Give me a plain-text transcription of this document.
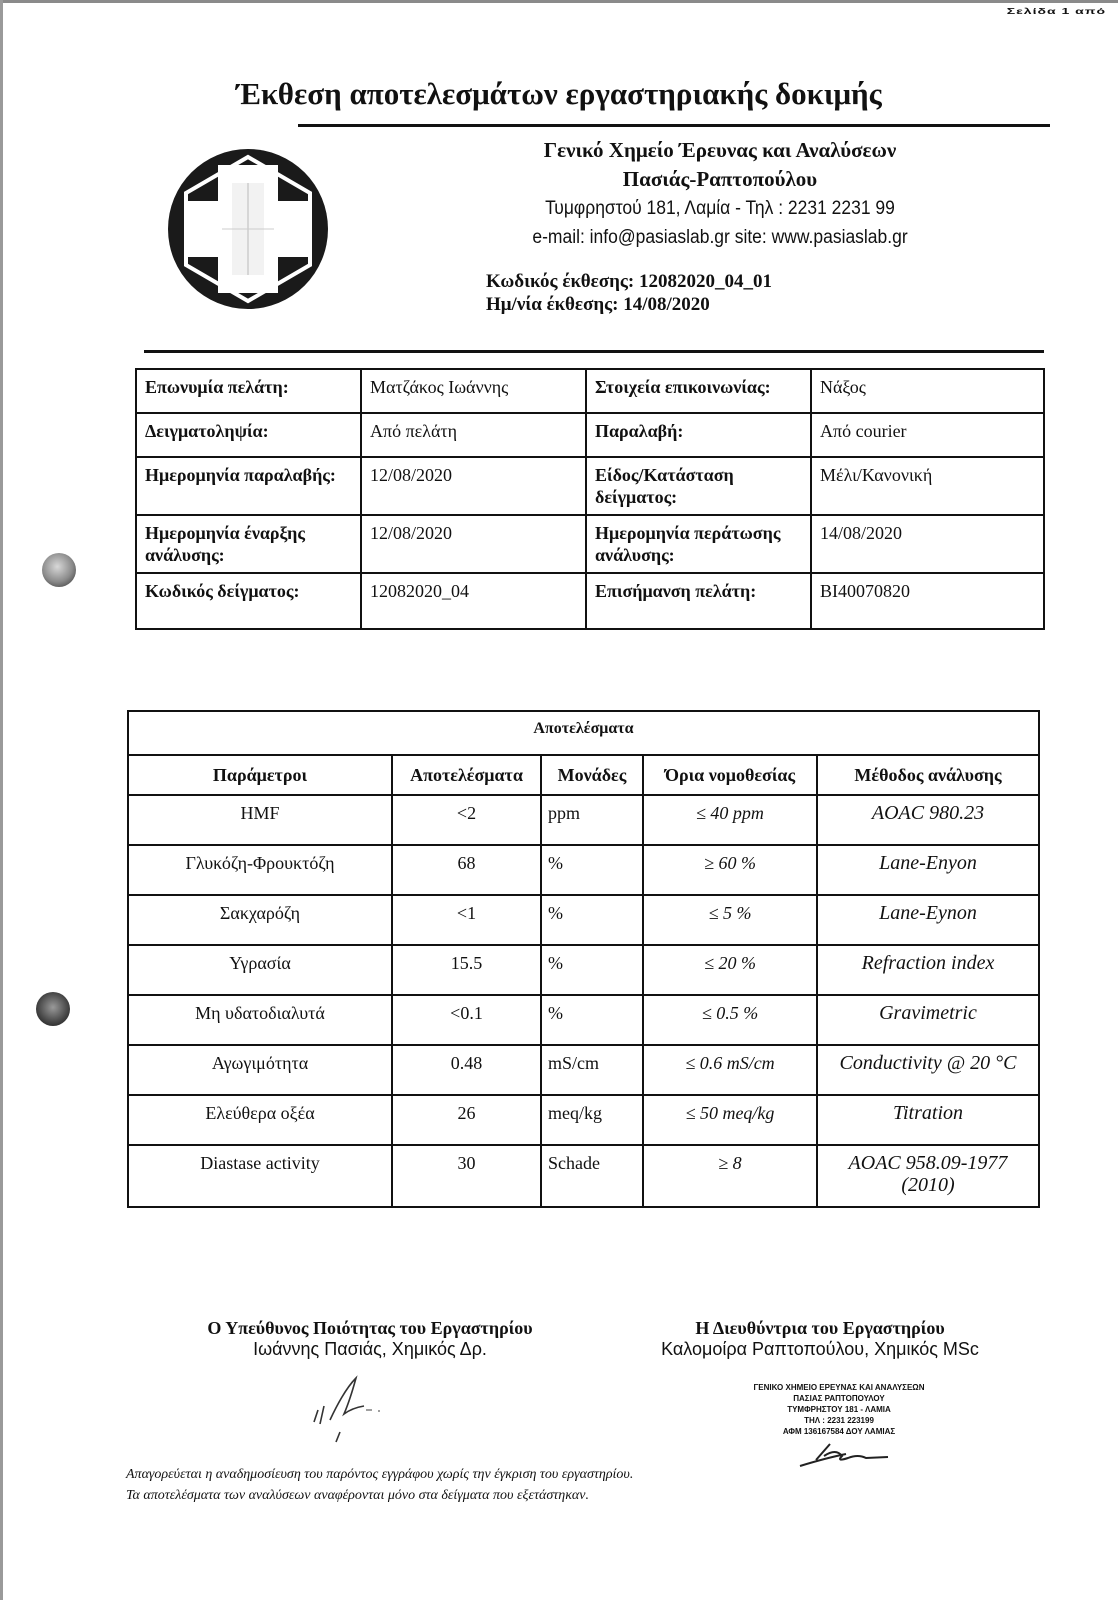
Σελίδα 1 από
Έκθεση αποτελεσμάτων εργαστηριακής δοκιμής
Γενικό Χημείο Έρευνας και Αναλύσεων
Πασιάς-Ραπτοπούλου
Τυμφρηστού 181, Λαμία - Τηλ : 2231 2231 99
e-mail: info@pasiaslab.gr site: www.pasiaslab.gr
Κωδικός έκθεσης: 12082020_04_01
Ημ/νία έκθεσης: 14/08/2020
Επωνυμία πελάτη:	Ματζάκος Ιωάννης	Στοιχεία επικοινωνίας:	Νάξος
Δειγματοληψία:	Από πελάτη	Παραλαβή:	Από courier
Ημερομηνία παραλαβής:	12/08/2020	Είδος/Κατάσταση δείγματος:	Μέλι/Κανονική
Ημερομηνία έναρξης ανάλυσης:	12/08/2020	Ημερομηνία περάτωσης ανάλυσης:	14/08/2020
Κωδικός δείγματος:	12082020_04	Επισήμανση πελάτη:	BI40070820
Αποτελέσματα				
Παράμετροι	Αποτελέσματα	Μονάδες	Όρια νομοθεσίας	Μέθοδος ανάλυσης
HMF	<2	ppm	≤ 40 ppm	AOAC 980.23
Γλυκόζη-Φρουκτόζη	68	%	≥ 60 %	Lane-Enyon
Σακχαρόζη	<1	%	≤ 5 %	Lane-Eynon
Υγρασία	15.5	%	≤ 20 %	Refraction index
Μη υδατοδιαλυτά	<0.1	%	≤ 0.5 %	Gravimetric
Αγωγιμότητα	0.48	mS/cm	≤ 0.6 mS/cm	Conductivity @ 20 °C
Ελεύθερα οξέα	26	meq/kg	≤ 50 meq/kg	Titration
Diastase activity	30	Schade	≥ 8	AOAC 958.09-1977 (2010)
Ο Υπεύθυνος Ποιότητας του Εργαστηρίου
Ιωάννης Πασιάς, Χημικός Δρ.
Η Διευθύντρια του Εργαστηρίου
Καλομοίρα Ραπτοπούλου, Χημικός MSc
ΓΕΝΙΚΟ ΧΗΜΕΙΟ ΕΡΕΥΝΑΣ ΚΑΙ ΑΝΑΛΥΣΕΩΝ
ΠΑΣΙΑΣ ΡΑΠΤΟΠΟΥΛΟΥ
ΤΥΜΦΡΗΣΤΟΥ 181 - ΛΑΜΙΑ
ΤΗΛ : 2231 223199
ΑΦΜ 136167584 ΔΟΥ ΛΑΜΙΑΣ
Απαγορεύεται η αναδημοσίευση του παρόντος εγγράφου χωρίς την έγκριση του εργαστηρίου.
Τα αποτελέσματα των αναλύσεων αναφέρονται μόνο στα δείγματα που εξετάστηκαν.
